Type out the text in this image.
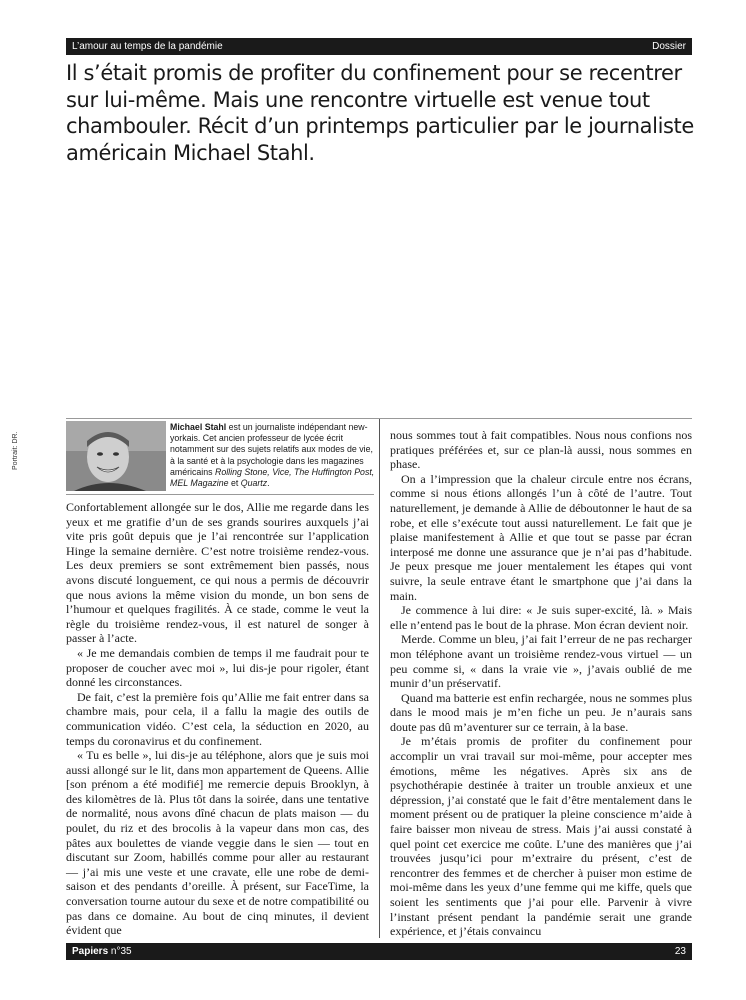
L’amour au temps de la pandémie	Dossier
Il s’était promis de profiter du confinement pour se recentrer sur lui-même. Mais une rencontre virtuelle est venue tout chambouler. Récit d’un printemps particulier par le journaliste américain Michael Stahl.
Portrait: DR.

Michael Stahl est un journaliste indépendant new-yorkais. Cet ancien professeur de lycée écrit notamment sur des sujets relatifs aux modes de vie, à la santé et à la psychologie dans les magazines américains Rolling Stone, Vice, The Huffington Post, MEL Magazine et Quartz.

Confortablement allongée sur le dos, Allie me regarde dans les yeux et me gratifie d’un de ses grands sourires auxquels j’ai vite pris goût depuis que je l’ai rencontrée sur l’application Hinge la semaine dernière. C’est notre troisième rendez-vous. Les deux premiers se sont extrêmement bien passés, nous avons discuté longuement, ce qui nous a permis de découvrir que nous avions la même vision du monde, un bon sens de l’humour et quelques fragilités. À ce stade, comme le veut la règle du troisième rendez-vous, il est naturel de songer à passer à l’acte.

« Je me demandais combien de temps il me faudrait pour te proposer de coucher avec moi », lui dis-je pour rigoler, étant donné les circonstances.

De fait, c’est la première fois qu’Allie me fait entrer dans sa chambre mais, pour cela, il a fallu la magie des outils de communication vidéo. C’est cela, la séduction en 2020, au temps du coronavirus et du confinement.

« Tu es belle », lui dis-je au téléphone, alors que je suis moi aussi allongé sur le lit, dans mon appartement de Queens. Allie [son prénom a été modifié] me remercie depuis Brooklyn, à des kilomètres de là. Plus tôt dans la soirée, dans une tentative de normalité, nous avons dîné chacun de plats maison — du poulet, du riz et des brocolis à la vapeur dans mon cas, des pâtes aux boulettes de viande veggie dans le sien — tout en discutant sur Zoom, habillés comme pour aller au restaurant — j’ai mis une veste et une cravate, elle une robe de demi-saison et des pendants d’oreille. À présent, sur FaceTime, la conversation tourne autour du sexe et de notre compatibilité ou pas dans ce domaine. Au bout de cinq minutes, il devient évident que

nous sommes tout à fait compatibles. Nous nous confions nos pratiques préférées et, sur ce plan-là aussi, nous sommes en phase.

On a l’impression que la chaleur circule entre nos écrans, comme si nous étions allongés l’un à côté de l’autre. Tout naturellement, je demande à Allie de déboutonner le haut de sa robe, et elle s’exécute tout aussi naturellement. Le fait que je plaise manifestement à Allie et que tout se passe par écran interposé me donne une assurance que je n’ai pas d’habitude. Je peux presque me jouer mentalement les étapes qui vont suivre, la seule entrave étant le smartphone que j’ai dans la main.

Je commence à lui dire: « Je suis super-excité, là. » Mais elle n’entend pas le bout de la phrase. Mon écran devient noir.

Merde. Comme un bleu, j’ai fait l’erreur de ne pas recharger mon téléphone avant un troisième rendez-vous virtuel — un peu comme si, « dans la vraie vie », j’avais oublié de me munir d’un préservatif.

Quand ma batterie est enfin rechargée, nous ne sommes plus dans le mood mais je m’en fiche un peu. Je n’aurais sans doute pas dû m’aventurer sur ce terrain, à la base.

Je m’étais promis de profiter du confinement pour accomplir un vrai travail sur moi-même, pour accepter mes émotions, même les négatives. Après six ans de psychothérapie destinée à traiter un trouble anxieux et une dépression, j’ai constaté que le fait d’être mentalement dans le moment présent ou de pratiquer la pleine conscience m’aide à faire baisser mon niveau de stress. Mais j’ai aussi constaté à quel point cet exercice me coûte. L’une des manières que j’ai trouvées jusqu’ici pour m’extraire du présent, c’est de rencontrer des femmes et de chercher à puiser mon estime de moi-même dans les yeux d’une femme qui me kiffe, quels que soient les sentiments que j’ai pour elle. Parvenir à vivre l’instant présent pendant la pandémie serait une grande expérience, et j’étais convaincu

Papiers n°35	23
